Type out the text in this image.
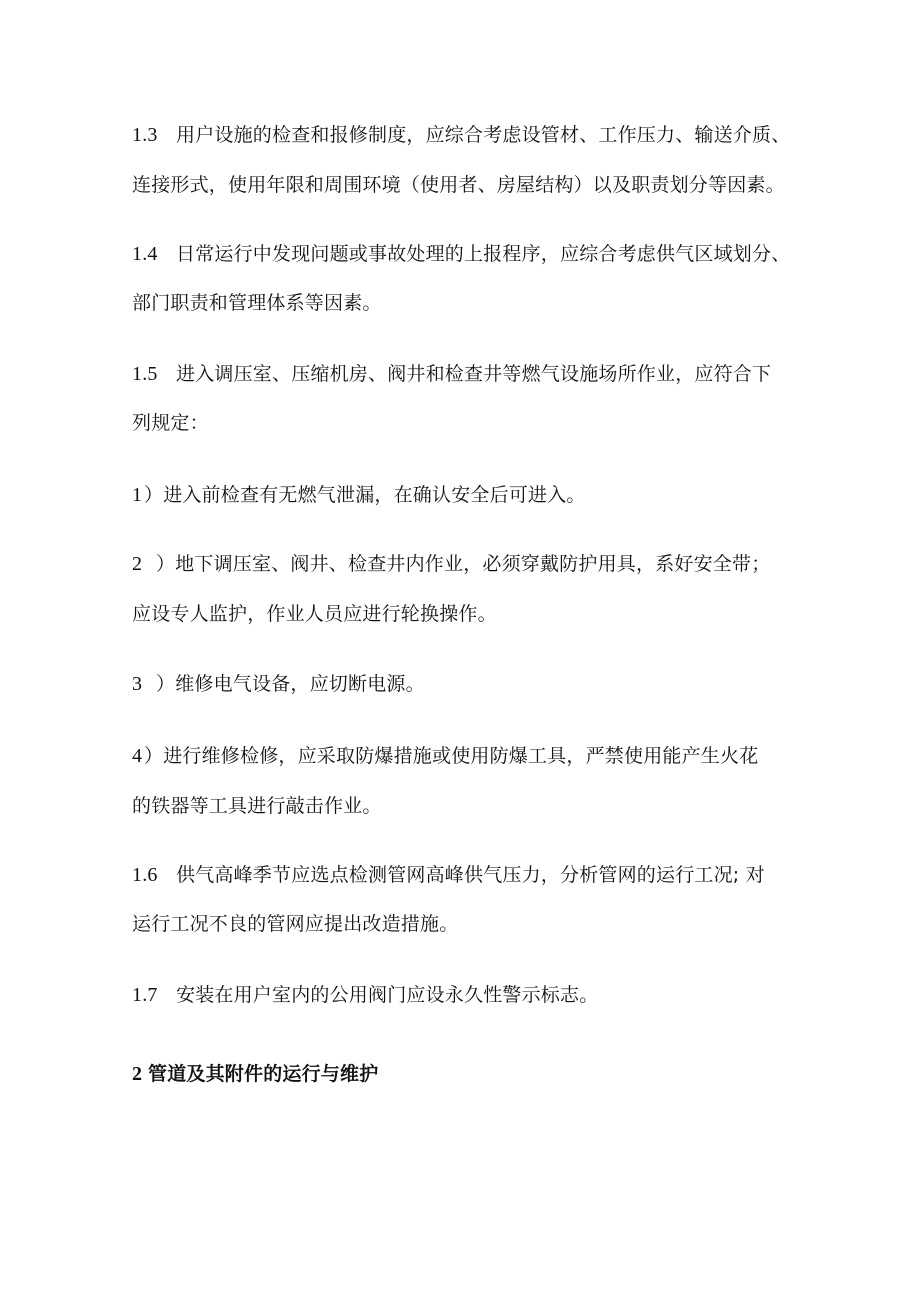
1.3 用户设施的检查和报修制度，应综合考虑设管材、工作压力、输送介质、

连接形式，使用年限和周围环境（使用者、房屋结构）以及职责划分等因素。

1.4 日常运行中发现问题或事故处理的上报程序，应综合考虑供气区域划分、

部门职责和管理体系等因素。

1.5 进入调压室、压缩机房、阀井和检查井等燃气设施场所作业，应符合下

列规定：

1）进入前检查有无燃气泄漏，在确认安全后可进入。

2 ）地下调压室、阀井、检查井内作业，必须穿戴防护用具，系好安全带；

应设专人监护，作业人员应进行轮换操作。

3 ）维修电气设备，应切断电源。

4）进行维修检修，应采取防爆措施或使用防爆工具，严禁使用能产生火花

的铁器等工具进行敲击作业。

1.6 供气高峰季节应选点检测管网高峰供气压力，分析管网的运行工况; 对

运行工况不良的管网应提出改造措施。

1.7 安装在用户室内的公用阀门应设永久性警示标志。

2 管道及其附件的运行与维护
